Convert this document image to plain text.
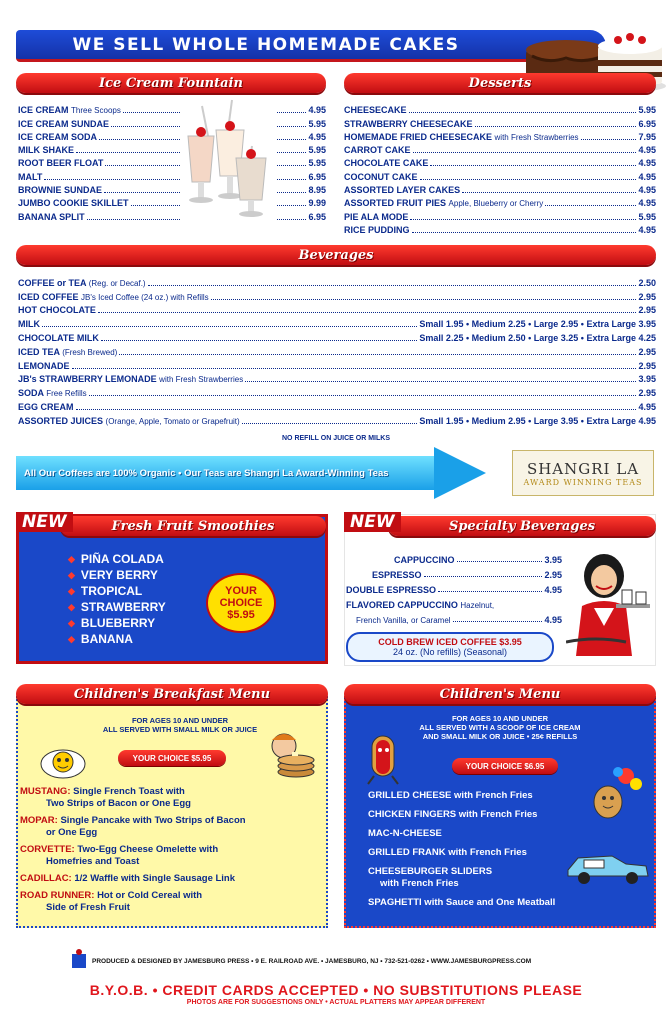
WE SELL WHOLE HOMEMADE CAKES
Ice Cream Fountain
ICE CREAM Three Scoops	4.95
ICE CREAM SUNDAE	5.95
ICE CREAM SODA	4.95
MILK SHAKE	5.95
ROOT BEER FLOAT	5.95
MALT	6.95
BROWNIE SUNDAE	8.95
JUMBO COOKIE SKILLET	9.99
BANANA SPLIT	6.95
Desserts
CHEESECAKE	5.95
STRAWBERRY CHEESECAKE	6.95
HOMEMADE FRIED CHEESECAKE with Fresh Strawberries	7.95
CARROT CAKE	4.95
CHOCOLATE CAKE	4.95
COCONUT CAKE	4.95
ASSORTED LAYER CAKES	4.95
ASSORTED FRUIT PIES Apple, Blueberry or Cherry	4.95
PIE ALA MODE	5.95
RICE PUDDING	4.95
Beverages
COFFEE or TEA (Reg. or Decaf.)	2.50
ICED COFFEE JB's Iced Coffee (24 oz.) with Refills	2.95
HOT CHOCOLATE	2.95
MILK	Small 1.95 • Medium 2.25 • Large 2.95 • Extra Large 3.95
CHOCOLATE MILK	Small 2.25 • Medium 2.50 • Large 3.25 • Extra Large 4.25
ICED TEA (Fresh Brewed)	2.95
LEMONADE	2.95
JB's STRAWBERRY LEMONADE with Fresh Strawberries	3.95
SODA Free Refills	2.95
EGG CREAM	4.95
ASSORTED JUICES (Orange, Apple, Tomato or Grapefruit)	Small 1.95 • Medium 2.95 • Large 3.95 • Extra Large 4.95
NO REFILL ON JUICE OR MILKS
All Our Coffees are 100% Organic • Our Teas are Shangri La Award-Winning Teas	SHANGRI LA
AWARD WINNING TEAS
Fresh Fruit Smoothies
NEW
◆ PIÑA COLADA
◆ VERY BERRY
◆ TROPICAL
◆ STRAWBERRY
◆ BLUEBERRY
◆ BANANA
YOUR
CHOICE
$5.95
Specialty Beverages
NEW
CAPPUCCINO	3.95
ESPRESSO	2.95
DOUBLE ESPRESSO	4.95
FLAVORED CAPPUCCINO
Hazelnut,
French Vanilla, or Caramel	4.95
COLD BREW ICED COFFEE $3.95
24 oz. (No refills) (Seasonal)
Children's Breakfast Menu
FOR AGES 10 AND UNDER
ALL SERVED WITH SMALL MILK OR JUICE
YOUR CHOICE $5.95
MUSTANG: Single French Toast with
Two Strips of Bacon or One Egg
MOPAR: Single Pancake with Two Strips of Bacon
or One Egg
CORVETTE: Two-Egg Cheese Omelette with
Homefries and Toast
CADILLAC: 1/2 Waffle with Single Sausage Link
ROAD RUNNER: Hot or Cold Cereal with
Side of Fresh Fruit
Children's Menu
FOR AGES 10 AND UNDER
ALL SERVED WITH A SCOOP OF ICE CREAM
AND SMALL MILK OR JUICE • 25¢ REFILLS
YOUR CHOICE $6.95
GRILLED CHEESE with French Fries
CHICKEN FINGERS with French Fries
MAC-N-CHEESE
GRILLED FRANK with French Fries
CHEESEBURGER SLIDERS
with French Fries
SPAGHETTI with Sauce and One Meatball
PRODUCED & DESIGNED BY JAMESBURG PRESS • 9 E. RAILROAD AVE. • JAMESBURG, NJ • 732-521-0262 • WWW.JAMESBURGPRESS.COM
B.Y.O.B. • CREDIT CARDS ACCEPTED • NO SUBSTITUTIONS PLEASE
PHOTOS ARE FOR SUGGESTIONS ONLY • ACTUAL PLATTERS MAY APPEAR DIFFERENT
